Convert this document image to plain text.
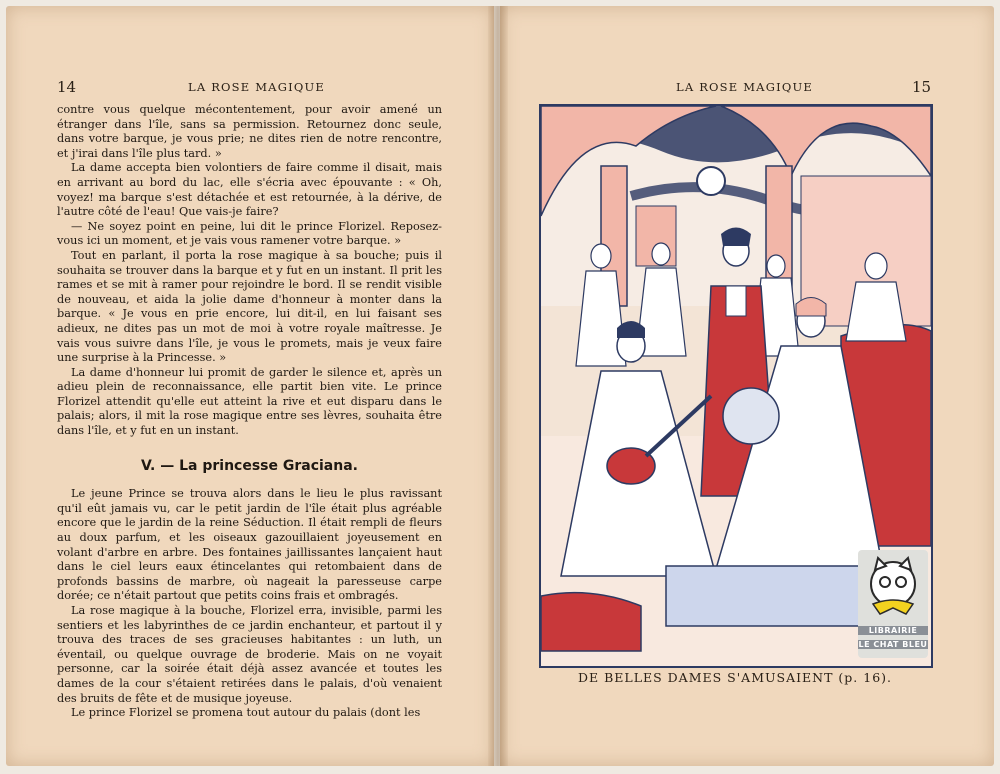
14	LA ROSE MAGIQUE

contre vous quelque mécontentement, pour avoir amené un étranger dans l'île, sans sa permission. Retournez donc seule, dans votre barque, je vous prie; ne dites rien de notre rencontre, et j'irai dans l'île plus tard. »

La dame accepta bien volontiers de faire comme il disait, mais en arrivant au bord du lac, elle s'écria avec épouvante : « Oh, voyez! ma barque s'est détachée et est retournée, à la dérive, de l'autre côté de l'eau! Que vais-je faire?

— Ne soyez point en peine, lui dit le prince Florizel. Reposez-vous ici un moment, et je vais vous ramener votre barque. »

Tout en parlant, il porta la rose magique à sa bouche; puis il souhaita se trouver dans la barque et y fut en un instant. Il prit les rames et se mit à ramer pour rejoindre le bord. Il se rendit visible de nouveau, et aida la jolie dame d'honneur à monter dans la barque. « Je vous en prie encore, lui dit-il, en lui faisant ses adieux, ne dites pas un mot de moi à votre royale maîtresse. Je vais vous suivre dans l'île, je vous le promets, mais je veux faire une surprise à la Princesse. »

La dame d'honneur lui promit de garder le silence et, après un adieu plein de reconnaissance, elle partit bien vite. Le prince Florizel attendit qu'elle eut atteint la rive et eut disparu dans le palais; alors, il mit la rose magique entre ses lèvres, souhaita être dans l'île, et y fut en un instant.

V. — La princesse Graciana.

Le jeune Prince se trouva alors dans le lieu le plus ravissant qu'il eût jamais vu, car le petit jardin de l'île était plus agréable encore que le jardin de la reine Séduction. Il était rempli de fleurs au doux parfum, et les oiseaux gazouillaient joyeusement en volant d'arbre en arbre. Des fontaines jaillissantes lançaient haut dans le ciel leurs eaux étincelantes qui retombaient dans de profonds bassins de marbre, où nageait la paresseuse carpe dorée; ce n'était partout que petits coins frais et ombragés.

La rose magique à la bouche, Florizel erra, invisible, parmi les sentiers et les labyrinthes de ce jardin enchanteur, et partout il y trouva des traces de ses gracieuses habitantes : un luth, un éventail, ou quelque ouvrage de broderie. Mais on ne voyait personne, car la soirée était déjà assez avancée et toutes les dames de la cour s'étaient retirées dans le palais, d'où venaient des bruits de fête et de musique joyeuse.

Le prince Florizel se promena tout autour du palais (dont les

LA ROSE MAGIQUE	15
LIBRAIRIE
LE CHAT BLEU
DE BELLES DAMES S'AMUSAIENT (p. 16).
